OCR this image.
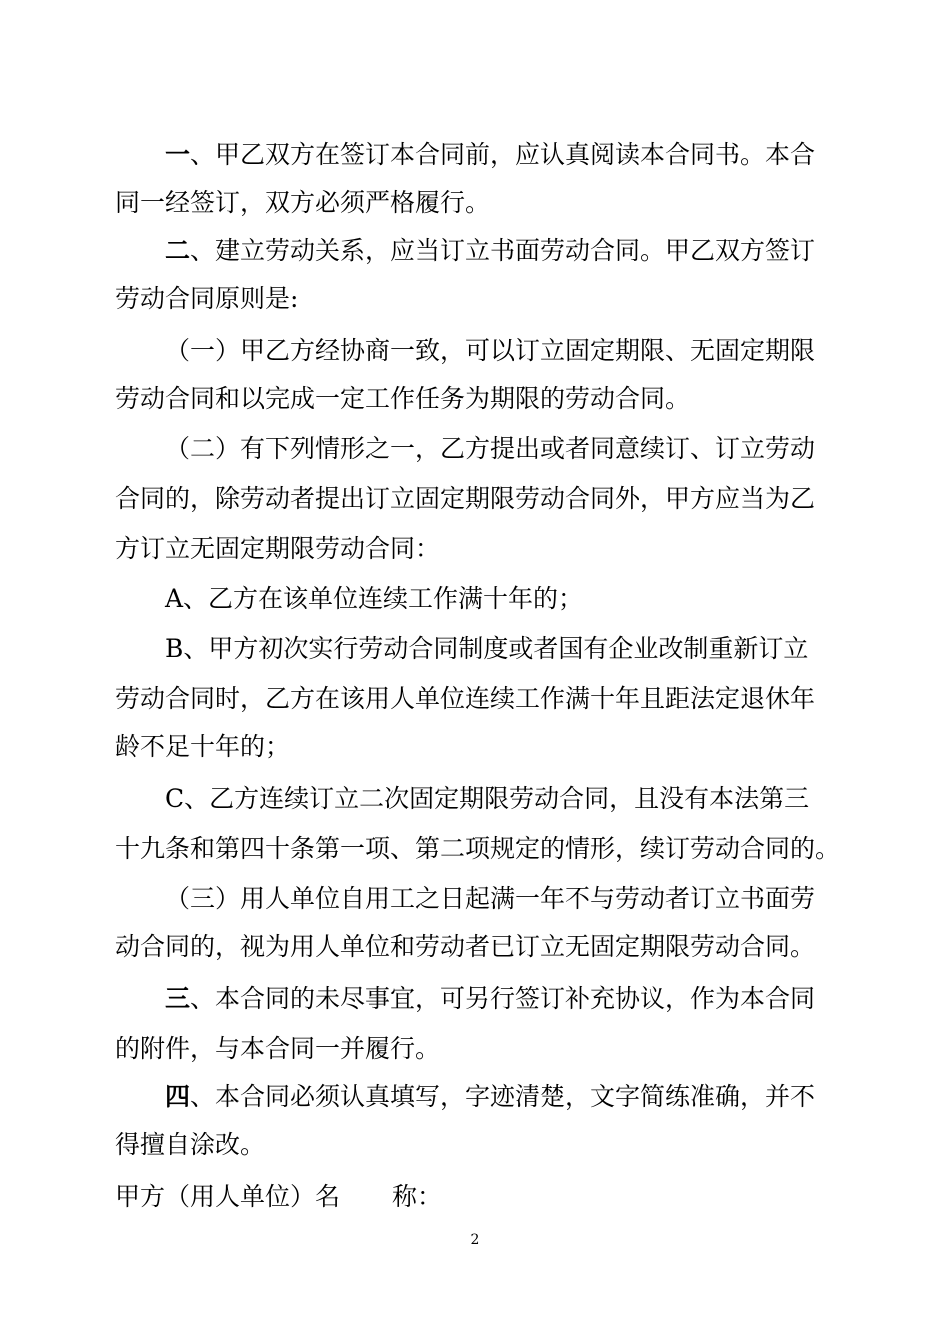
一、甲乙双方在签订本合同前，应认真阅读本合同书。本合
同一经签订，双方必须严格履行。
二、建立劳动关系，应当订立书面劳动合同。甲乙双方签订
劳动合同原则是:
（一）甲乙方经协商一致，可以订立固定期限、无固定期限
劳动合同和以完成一定工作任务为期限的劳动合同。
（二）有下列情形之一，乙方提出或者同意续订、订立劳动
合同的，除劳动者提出订立固定期限劳动合同外，甲方应当为乙
方订立无固定期限劳动合同：
A、乙方在该单位连续工作满十年的；
B、甲方初次实行劳动合同制度或者国有企业改制重新订立
劳动合同时，乙方在该用人单位连续工作满十年且距法定退休年
龄不足十年的；
C、乙方连续订立二次固定期限劳动合同，且没有本法第三
十九条和第四十条第一项、第二项规定的情形，续订劳动合同的。
（三）用人单位自用工之日起满一年不与劳动者订立书面劳
动合同的，视为用人单位和劳动者已订立无固定期限劳动合同。
三、本合同的未尽事宜，可另行签订补充协议，作为本合同
的附件，与本合同一并履行。
四、本合同必须认真填写，字迹清楚，文字简练准确，并不
得擅自涂改。
甲方（用人单位）名 称：
2
